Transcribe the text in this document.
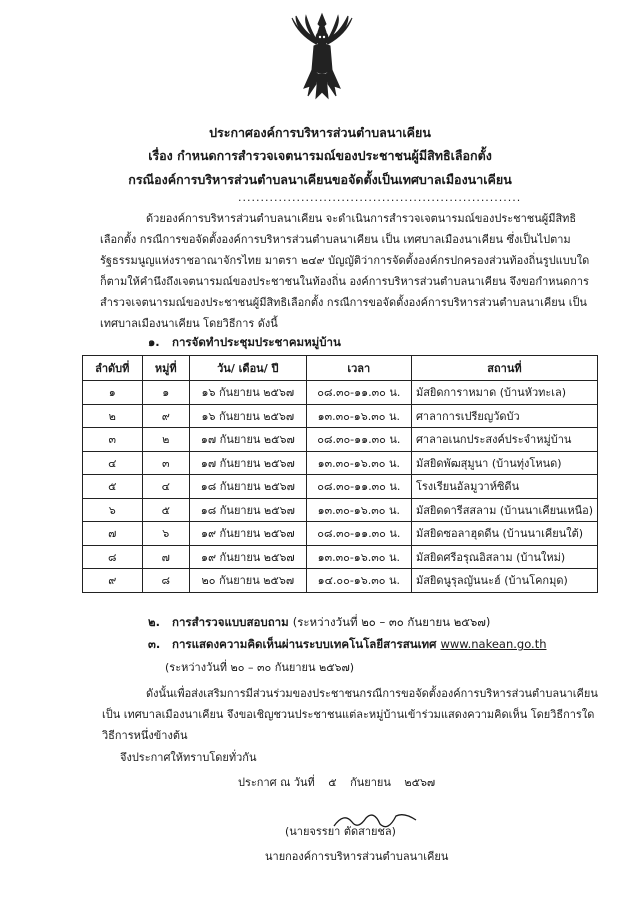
ประกาศองค์การบริหารส่วนตำบลนาเคียน
เรื่อง กำหนดการสำรวจเจตนารมณ์ของประชาชนผู้มีสิทธิเลือกตั้ง
กรณีองค์การบริหารส่วนตำบลนาเคียนขอจัดตั้งเป็นเทศบาลเมืองนาเคียน
...............................................................
ด้วยองค์การบริหารส่วนตำบลนาเคียน จะดำเนินการสำรวจเจตนารมณ์ของประชาชนผู้มีสิทธิ
เลือกตั้ง กรณีการขอจัดตั้งองค์การบริหารส่วนตำบลนาเคียน เป็น เทศบาลเมืองนาเคียน ซึ่งเป็นไปตาม
รัฐธรรมนูญแห่งราชอาณาจักรไทย มาตรา ๒๔๙ บัญญัติว่าการจัดตั้งองค์กรปกครองส่วนท้องถิ่นรูปแบบใด
ก็ตามให้คำนึงถึงเจตนารมณ์ของประชาชนในท้องถิ่น องค์การบริหารส่วนตำบลนาเคียน จึงขอกำหนดการ
สำรวจเจตนารมณ์ของประชาชนผู้มีสิทธิเลือกตั้ง กรณีการขอจัดตั้งองค์การบริหารส่วนตำบลนาเคียน เป็น
เทศบาลเมืองนาเคียน โดยวิธีการ ดังนี้
๑. การจัดทำประชุมประชาคมหมู่บ้าน
ลำดับที่	หมู่ที่	วัน/ เดือน/ ปี	เวลา	สถานที่
๑	๑	๑๖ กันยายน ๒๕๖๗	๐๘.๓๐-๑๑.๓๐ น.	มัสยิดการาหมาด (บ้านหัวทะเล)
๒	๙	๑๖ กันยายน ๒๕๖๗	๑๓.๓๐-๑๖.๓๐ น.	ศาลาการเปรียญวัดบัว
๓	๒	๑๗ กันยายน ๒๕๖๗	๐๘.๓๐-๑๑.๓๐ น.	ศาลาอเนกประสงค์ประจำหมู่บ้าน
๔	๓	๑๗ กันยายน ๒๕๖๗	๑๓.๓๐-๑๖.๓๐ น.	มัสยิดพัฒสุมูนา (บ้านทุ่งโหนด)
๕	๔	๑๘ กันยายน ๒๕๖๗	๐๘.๓๐-๑๑.๓๐ น.	โรงเรียนอัลมูวาห์ซิดีน
๖	๕	๑๘ กันยายน ๒๕๖๗	๑๓.๓๐-๑๖.๓๐ น.	มัสยิดดารีสสลาม (บ้านนาเคียนเหนือ)
๗	๖	๑๙ กันยายน ๒๕๖๗	๐๘.๓๐-๑๑.๓๐ น.	มัสยิดซอลาฮุดดีน (บ้านนาเคียนใต้)
๘	๗	๑๙ กันยายน ๒๕๖๗	๑๓.๓๐-๑๖.๓๐ น.	มัสยิดศรีอรุณอิสลาม (บ้านใหม่)
๙	๘	๒๐ กันยายน ๒๕๖๗	๑๔.๐๐-๑๖.๓๐ น.	มัสยิดนูรุลญันนะฮ์ (บ้านโคกมุด)
๒. การสำรวจแบบสอบถาม (ระหว่างวันที่ ๒๐ – ๓๐ กันยายน ๒๕๖๗)
๓. การแสดงความคิดเห็นผ่านระบบเทคโนโลยีสารสนเทศ www.nakean.go.th
(ระหว่างวันที่ ๒๐ – ๓๐ กันยายน ๒๕๖๗)
ดังนั้นเพื่อส่งเสริมการมีส่วนร่วมของประชาชนกรณีการขอจัดตั้งองค์การบริหารส่วนตำบลนาเคียน
เป็น เทศบาลเมืองนาเคียน จึงขอเชิญชวนประชาชนแต่ละหมู่บ้านเข้าร่วมแสดงความคิดเห็น โดยวิธีการใด
วิธีการหนึ่งข้างต้น
จึงประกาศให้ทราบโดยทั่วกัน
ประกาศ ณ วันที่ ๕ กันยายน ๒๕๖๗
(นายจรรยา ตัดสายชล)
นายกองค์การบริหารส่วนตำบลนาเคียน
